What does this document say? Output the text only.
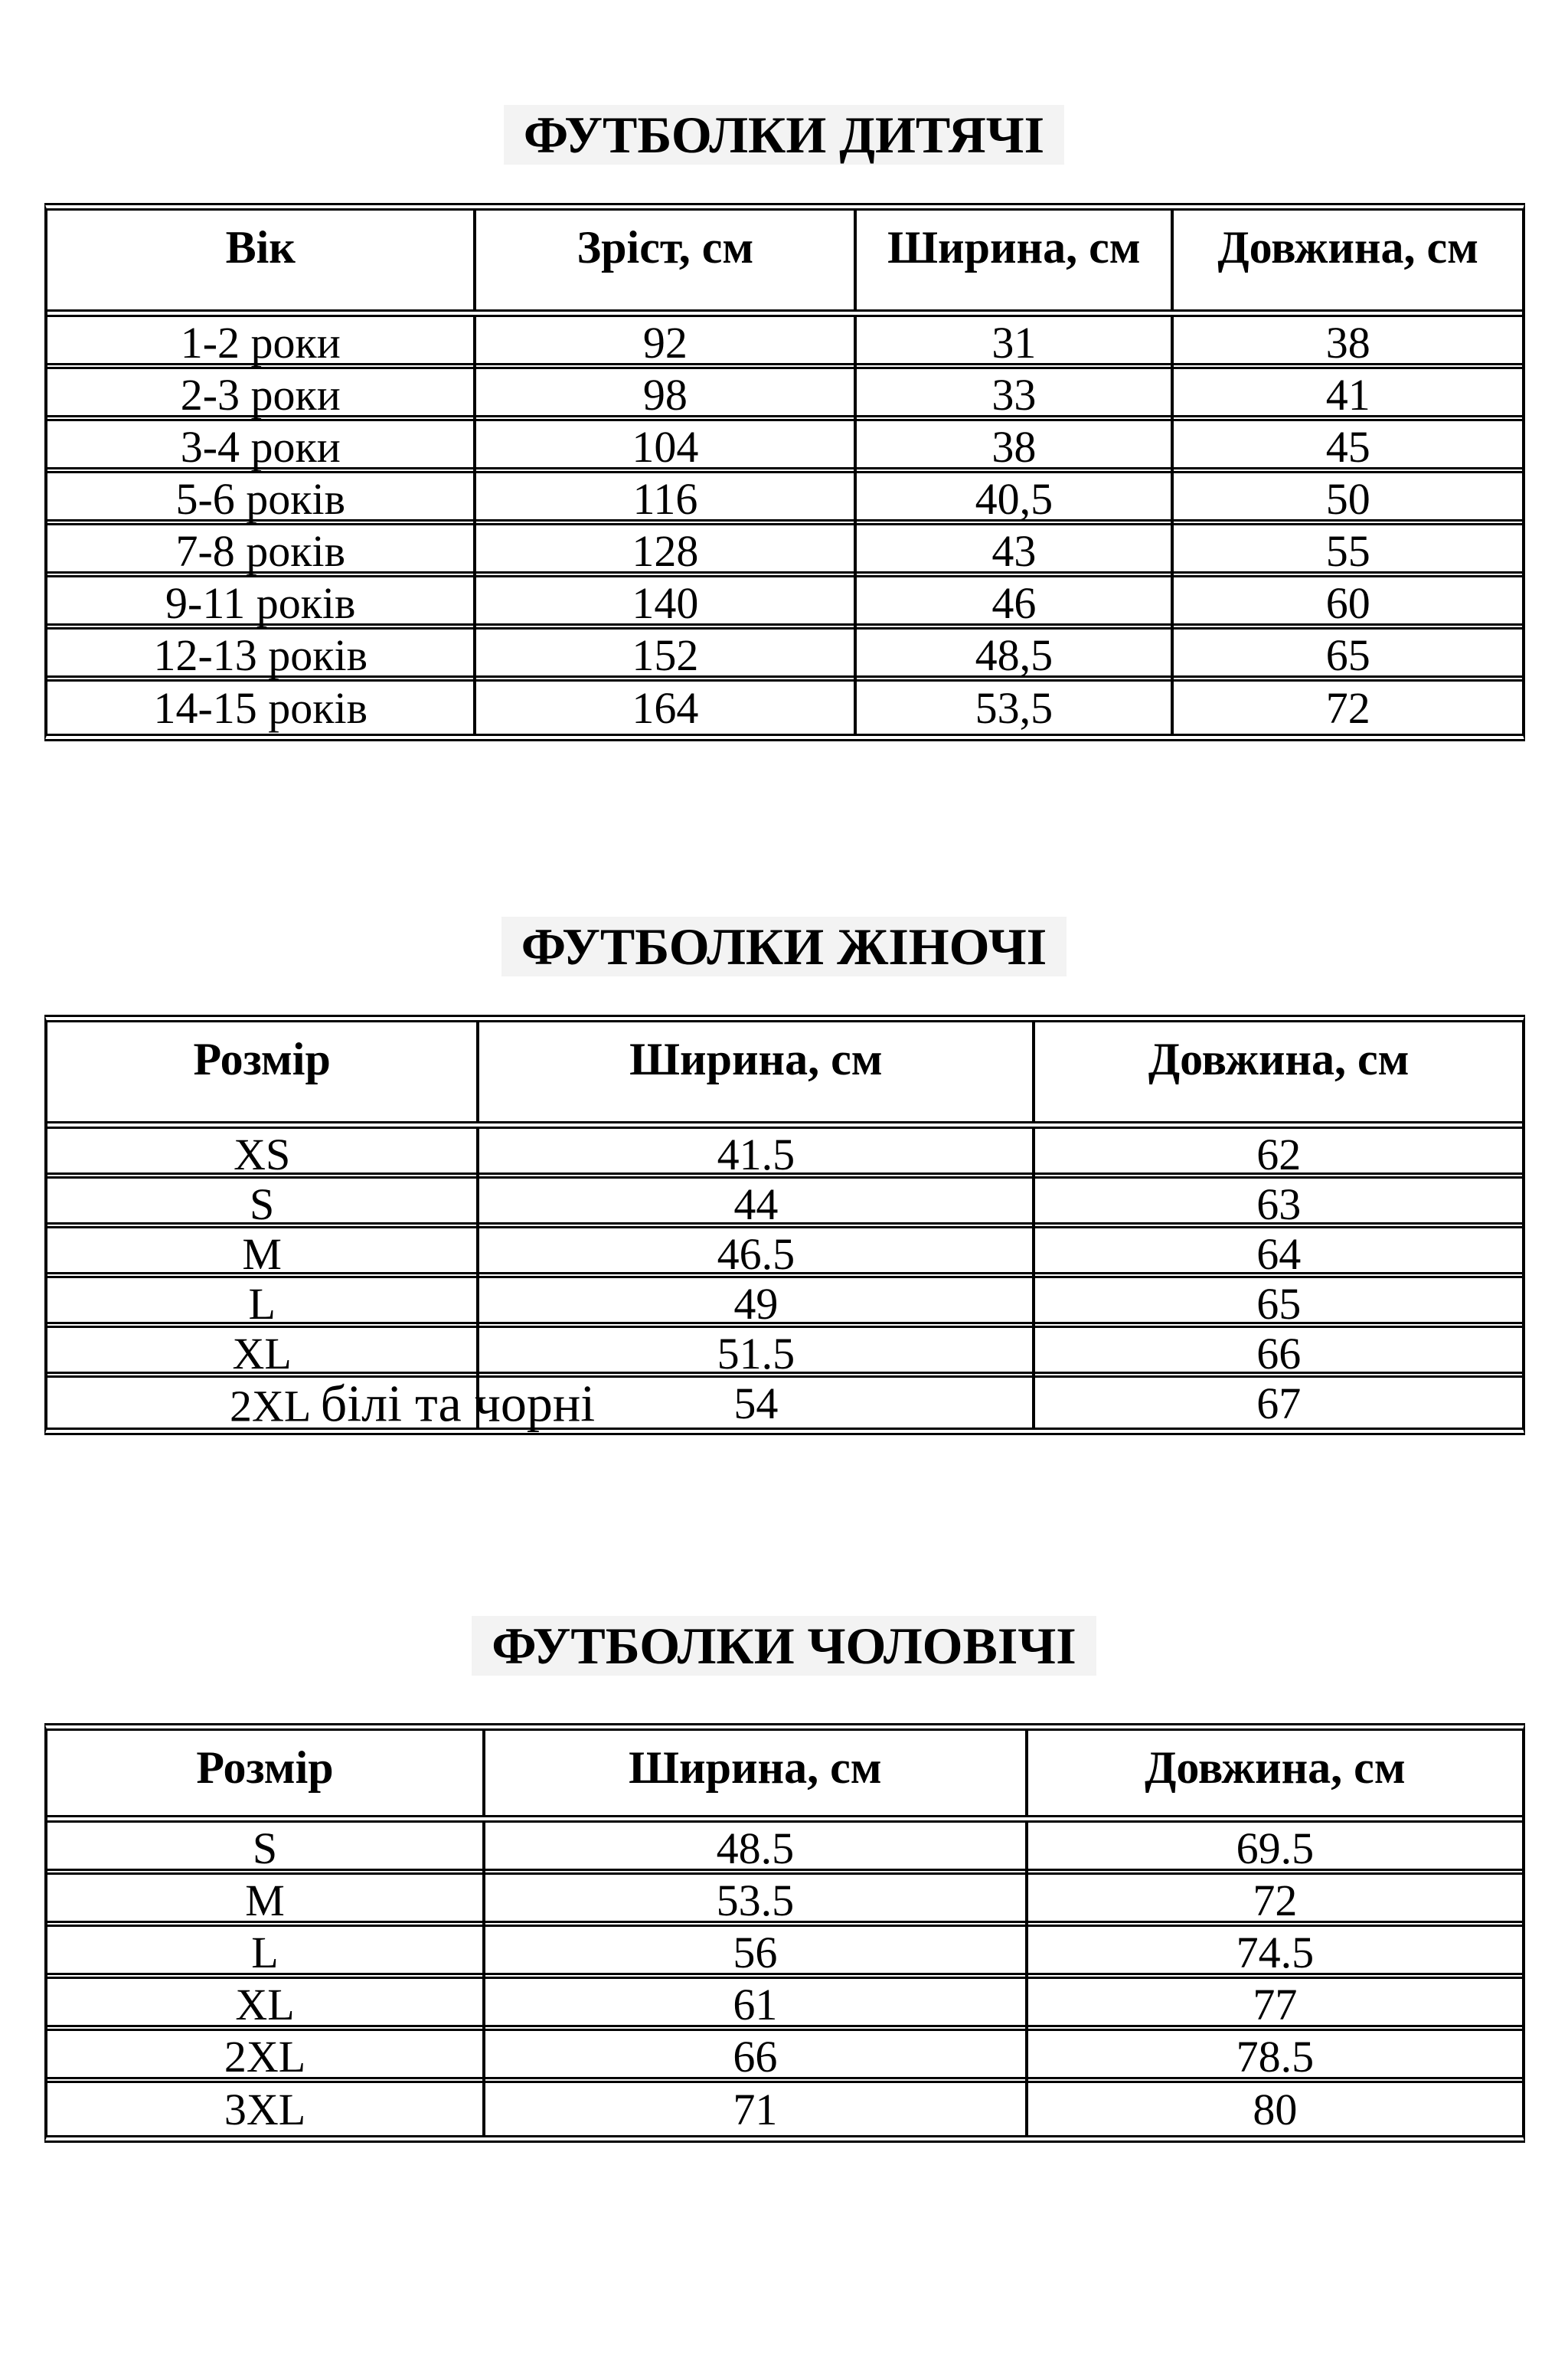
ФУТБОЛКИ ДИТЯЧІ
Вік	Зріст, см	Ширина, см	Довжина, см
1-2 роки	92	31	38
2-3 роки	98	33	41
3-4 роки	104	38	45
5-6 років	116	40,5	50
7-8 років	128	43	55
9-11 років	140	46	60
12-13 років	152	48,5	65
14-15 років	164	53,5	72
ФУТБОЛКИ ЖІНОЧІ
Розмір	Ширина, см	Довжина, см
XS	41.5	62
S	44	63
M	46.5	64
L	49	65
XL	51.5	66
2XL білі та чорні	54	67
ФУТБОЛКИ ЧОЛОВІЧІ
Розмір	Ширина, см	Довжина, см
S	48.5	69.5
M	53.5	72
L	56	74.5
XL	61	77
2XL	66	78.5
3XL	71	80
